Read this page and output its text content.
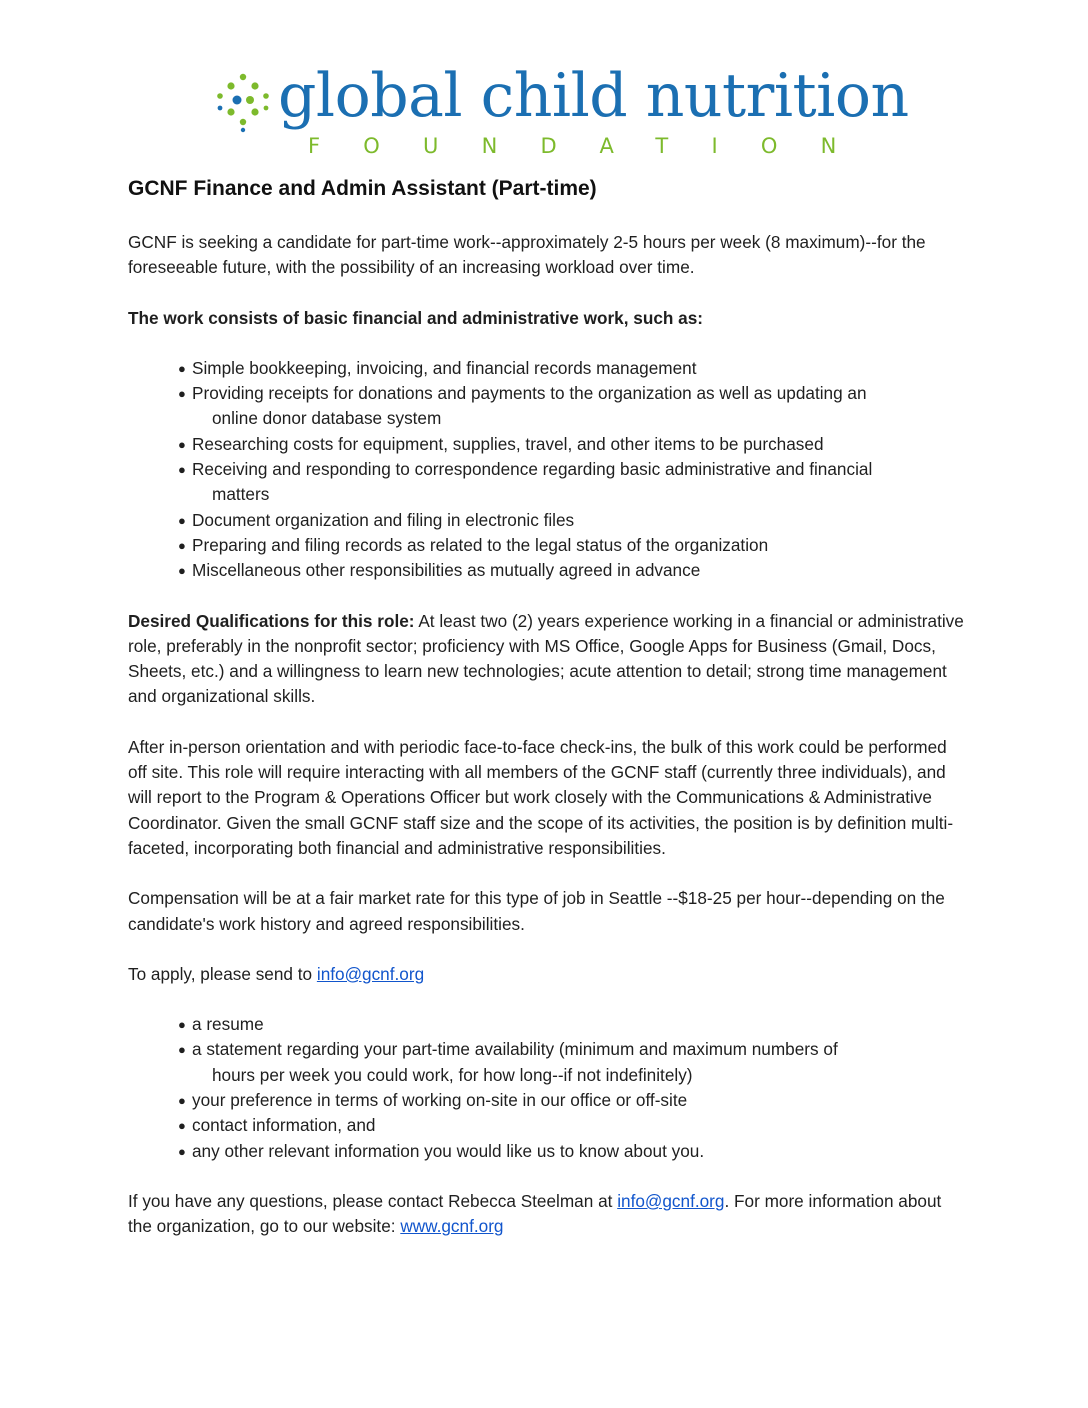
global child nutrition
FOUNDATION
GCNF Finance and Admin Assistant (Part-time)

GCNF is seeking a candidate for part-time work--approximately 2-5 hours per week (8 maximum)--for the foreseeable future, with the possibility of an increasing workload over time.

The work consists of basic financial and administrative work, such as:

● Simple bookkeeping, invoicing, and financial records management
● Providing receipts for donations and payments to the organization as well as updating an
online donor database system
● Researching costs for equipment, supplies, travel, and other items to be purchased
● Receiving and responding to correspondence regarding basic administrative and financial
matters
● Document organization and filing in electronic files
● Preparing and filing records as related to the legal status of the organization
● Miscellaneous other responsibilities as mutually agreed in advance

Desired Qualifications for this role: At least two (2) years experience working in a financial or administrative role, preferably in the nonprofit sector; proficiency with MS Office, Google Apps for Business (Gmail, Docs, Sheets, etc.) and a willingness to learn new technologies; acute attention to detail; strong time management and organizational skills.

After in-person orientation and with periodic face-to-face check-ins, the bulk of this work could be performed off site. This role will require interacting with all members of the GCNF staff (currently three individuals), and will report to the Program & Operations Officer but work closely with the Communications & Administrative Coordinator. Given the small GCNF staff size and the scope of its activities, the position is by definition multi-faceted, incorporating both financial and administrative responsibilities.

Compensation will be at a fair market rate for this type of job in Seattle --$18-25 per hour--depending on the candidate's work history and agreed responsibilities.

To apply, please send to info@gcnf.org

● a resume
● a statement regarding your part-time availability (minimum and maximum numbers of
hours per week you could work, for how long--if not indefinitely)
● your preference in terms of working on-site in our office or off-site
● contact information, and
● any other relevant information you would like us to know about you.

If you have any questions, please contact Rebecca Steelman at info@gcnf.org. For more information about the organization, go to our website: www.gcnf.org
